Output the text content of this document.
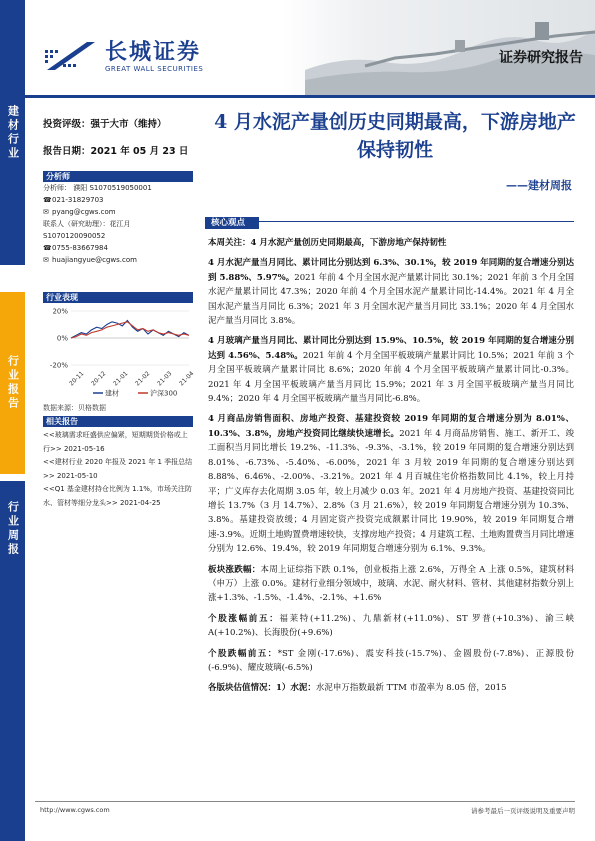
建材行业
行业报告
行业周报
长城证券
GREAT WALL SECURITIES
证券研究报告
投资评级：强于大市（维持）
报告日期：2021 年 05 月 23 日
分析师

分析师： 濮阳 S1070519050001

☎021-31829703

✉ pyang@cgws.com

联系人（研究助理）：花江月

S1070120090052

☎0755-83667984

✉ huajiangyue@cgws.com

行业表现
20%
0%
-20%
20-11 20-12 21-01 21-02 21-03 21-04
建材	沪深300
数据来源：贝格数据
相关报告

<<玻璃需求旺盛供应偏紧，短期期货价格或上行>> 2021-05-16

<<建材行业 2020 年报及 2021 年 1 季报总结>> 2021-05-10

<<Q1 基金建材持仓比例为 1.1%，市场关注防水、管材等细分龙头>> 2021-04-25

4 月水泥产量创历史同期最高，下游房地产保持韧性
——建材周报
核心观点

本周关注：4 月水泥产量创历史同期最高，下游房地产保持韧性

4 月水泥产量当月同比、累计同比分别达到 6.3%、30.1%，较 2019 年同期的复合增速分别达到 5.88%、5.97%。2021 年前 4 个月全国水泥产量累计同比 30.1%；2021 年前 3 个月全国水泥产量累计同比 47.3%；2020 年前 4 个月全国水泥产量累计同比-14.4%。2021 年 4 月全国水泥产量当月同比 6.3%；2021 年 3 月全国水泥产量当月同比 33.1%；2020 年 4 月全国水泥产量当月同比 3.8%。

4 月玻璃产量当月同比、累计同比分别达到 15.9%、10.5%，较 2019 年同期的复合增速分别达到 4.56%、5.48%。2021 年前 4 个月全国平板玻璃产量累计同比 10.5%；2021 年前 3 个月全国平板玻璃产量累计同比 8.6%；2020 年前 4 个月全国平板玻璃产量累计同比-0.3%。2021 年 4 月全国平板玻璃产量当月同比 15.9%；2021 年 3 月全国平板玻璃产量当月同比 9.4%；2020 年 4 月全国平板玻璃产量当月同比-6.8%。

4 月商品房销售面积、房地产投资、基建投资较 2019 年同期的复合增速分别为 8.01%、10.3%、3.8%，房地产投资同比继续快速增长。2021 年 4 月商品房销售、施工、新开工、竣工面积当月同比增长 19.2%、-11.3%、-9.3%、-3.1%，较 2019 年同期的复合增速分别达到 8.01%、-6.73%、-5.40%、-6.00%，2021 年 3 月较 2019 年同期的复合增速分别达到 8.88%、6.46%、-2.00%、-3.21%。2021 年 4 月百城住宅价格指数同比 4.1%，较上月持平；广义库存去化周期 3.05 年，较上月减少 0.03 年。2021 年 4 月房地产投资、基建投资同比增长 13.7%（3 月 14.7%）、2.8%（3 月 21.6%），较 2019 年同期复合增速分别为 10.3%、3.8%。基建投资放缓；4 月固定资产投资完成额累计同比 19.90%，较 2019 年同期复合增速-3.9%。近期土地购置费增速较快，支撑房地产投资；4 月建筑工程、土地购置费当月同比增速分别为 12.6%、19.4%，较 2019 年同期复合增速分别为 6.1%、9.3%。

板块涨跌幅：本周上证综指下跌 0.1%，创业板指上涨 2.6%，万得全 A 上涨 0.5%，建筑材料（申万）上涨 0.0%。建材行业细分领域中，玻璃、水泥、耐火材料、管材、其他建材指数分别上涨+1.3%、-1.5%、-1.4%、-2.1%、+1.6%

个股涨幅前五：福莱特(+11.2%)、九鼎新材(+11.0%)、ST 罗普(+10.3%)、渝三峡 A(+10.2%)、长海股份(+9.6%)

个股跌幅前五：*ST 金刚(-17.6%)、震安科技(-15.7%)、金圆股份(-7.8%)、正源股份(-6.9%)、耀皮玻璃(-6.5%)

各版块估值情况：1）水泥：水泥申万指数最新 TTM 市盈率为 8.05 倍，2015

http://www.cgws.com	请参考最后一页评级说明及重要声明
